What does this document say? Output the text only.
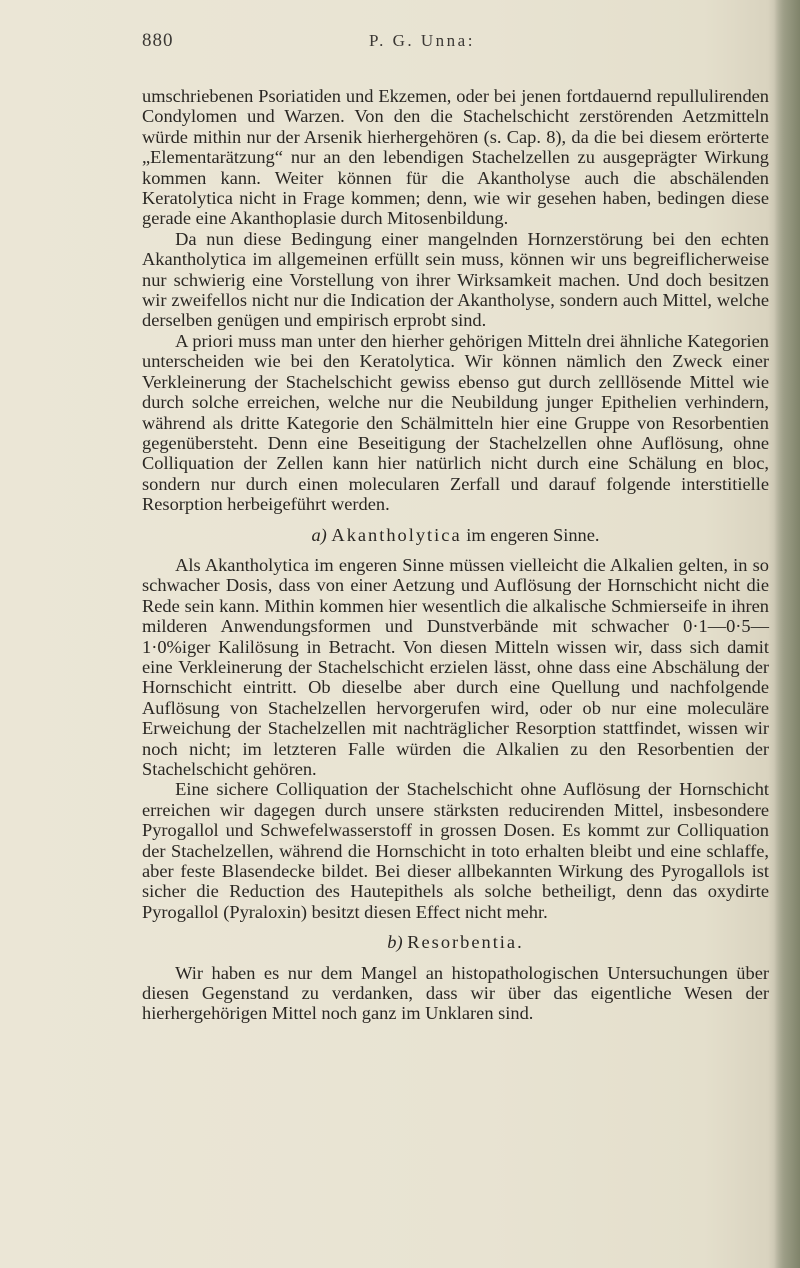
880	P. G. Unna:

umschriebenen Psoriatiden und Ekzemen, oder bei jenen fortdauernd repullulirenden Condylomen und Warzen. Von den die Stachelschicht zerstörenden Aetzmitteln würde mithin nur der Arsenik hierhergehören (s. Cap. 8), da die bei diesem erörterte „Elementarätzung“ nur an den lebendigen Stachelzellen zu ausgeprägter Wirkung kommen kann. Weiter können für die Akantholyse auch die abschälenden Keratolytica nicht in Frage kommen; denn, wie wir gesehen haben, bedingen diese gerade eine Akanthoplasie durch Mitosenbildung.

Da nun diese Bedingung einer mangelnden Hornzerstörung bei den echten Akantholytica im allgemeinen erfüllt sein muss, können wir uns begreiflicherweise nur schwierig eine Vorstellung von ihrer Wirksamkeit machen. Und doch besitzen wir zweifellos nicht nur die Indication der Akantholyse, sondern auch Mittel, welche derselben genügen und empirisch erprobt sind.

A priori muss man unter den hierher gehörigen Mitteln drei ähnliche Kategorien unterscheiden wie bei den Keratolytica. Wir können nämlich den Zweck einer Verkleinerung der Stachelschicht gewiss ebenso gut durch zelllösende Mittel wie durch solche erreichen, welche nur die Neubildung junger Epithelien verhindern, während als dritte Kategorie den Schälmitteln hier eine Gruppe von Resorbentien gegenübersteht. Denn eine Beseitigung der Stachelzellen ohne Auflösung, ohne Colliquation der Zellen kann hier natürlich nicht durch eine Schälung en bloc, sondern nur durch einen molecularen Zerfall und darauf folgende interstitielle Resorption herbeigeführt werden.

a) Akantholytica im engeren Sinne.

Als Akantholytica im engeren Sinne müssen vielleicht die Alkalien gelten, in so schwacher Dosis, dass von einer Aetzung und Auflösung der Hornschicht nicht die Rede sein kann. Mithin kommen hier wesentlich die alkalische Schmierseife in ihren milderen Anwendungsformen und Dunstverbände mit schwacher 0·1—0·5—1·0%iger Kalilösung in Betracht. Von diesen Mitteln wissen wir, dass sich damit eine Verkleinerung der Stachelschicht erzielen lässt, ohne dass eine Abschälung der Hornschicht eintritt. Ob dieselbe aber durch eine Quellung und nachfolgende Auflösung von Stachelzellen hervorgerufen wird, oder ob nur eine moleculäre Erweichung der Stachelzellen mit nachträglicher Resorption stattfindet, wissen wir noch nicht; im letzteren Falle würden die Alkalien zu den Resorbentien der Stachelschicht gehören.

Eine sichere Colliquation der Stachelschicht ohne Auflösung der Hornschicht erreichen wir dagegen durch unsere stärksten reducirenden Mittel, insbesondere Pyrogallol und Schwefelwasserstoff in grossen Dosen. Es kommt zur Colliquation der Stachelzellen, während die Hornschicht in toto erhalten bleibt und eine schlaffe, aber feste Blasendecke bildet. Bei dieser allbekannten Wirkung des Pyrogallols ist sicher die Reduction des Hautepithels als solche betheiligt, denn das oxydirte Pyrogallol (Pyraloxin) besitzt diesen Effect nicht mehr.

b) Resorbentia.

Wir haben es nur dem Mangel an histopathologischen Untersuchungen über diesen Gegenstand zu verdanken, dass wir über das eigentliche Wesen der hierhergehörigen Mittel noch ganz im Unklaren sind.
